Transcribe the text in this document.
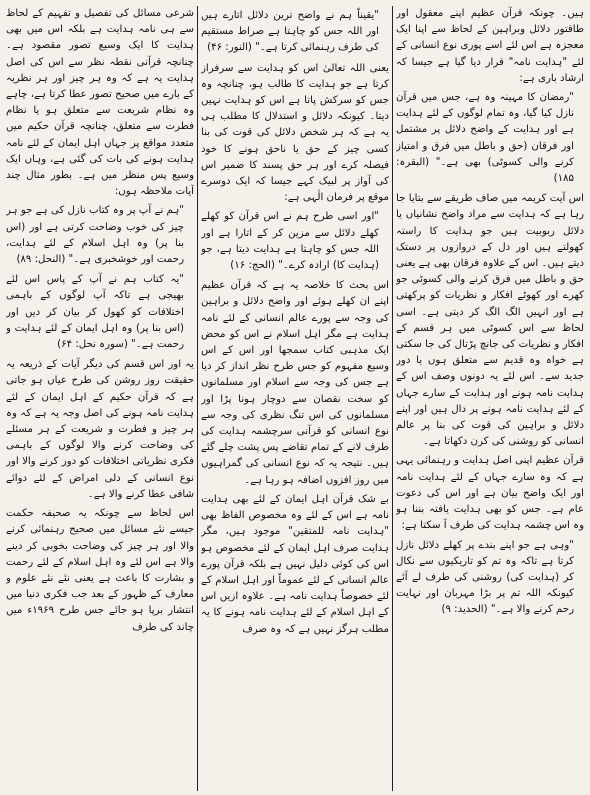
ہیں۔ چونکہ قرآن عظیم اپنے معقول اور طاقتور دلائل وبراہین کے لحاظ سے اپنا ایک معجزہ ہے اس لئے اسے پوری نوع انسانی کے لئے "ہدایت نامہ" قرار دیا گیا ہے جیسا کہ ارشاد باری ہے:

"رمضان کا مہینہ وہ ہے، جس میں قرآن نازل کیا گیا، وہ تمام لوگوں کے لئے ہدایت ہے اور ہدایت کے واضح دلائل پر مشتمل اور فرقان (حق و باطل میں فرق و امتیاز کرنے والی کسوٹی) بھی ہے۔" (البقرہ: ۱۸۵)

اس آیت کریمہ میں صاف طریقے سے بتایا جا رہا ہے کہ ہدایت سے مراد واضح نشانیاں یا دلائل ربوبیت ہیں جو ہدایت کا راستہ کھولتے ہیں اور دل کے دروازوں پر دستک دیتے ہیں۔ اس کے علاوہ فرقان بھی ہے یعنی حق و باطل میں فرق کرنے والی کسوٹی جو کھرے اور کھوٹے افکار و نظریات کو پرکھتی ہے اور انہیں الگ الگ کر دیتی ہے۔ اسی لحاظ سے اس کسوٹی میں ہر قسم کے افکار و نظریات کی جانچ پڑتال کی جا سکتی ہے خواہ وہ قدیم سے متعلق ہوں یا دور جدید سے۔ اس لئے یہ دونوں وصف اس کے ہدایت نامہ ہونے اور ہدایت کے سارے جہاں کے لئے ہدایت نامہ ہونے پر دال ہیں اور اپنے دلائل و براہین کی قوت کی بنا پر عالم انسانی کو روشنی کی کرن دکھاتا ہے۔

قرآن عظیم اپنی اصل ہدایت و رہنمائی یہی ہے کہ وہ سارے جہاں کے لئے ہدایت نامہ اور ایک واضح بیان ہے اور اس کی دعوت عام ہے۔ جس کو بھی ہدایت یافتہ بننا ہو وہ اس چشمہ ہدایت کی طرف آ سکتا ہے:

"وہی ہے جو اپنے بندے پر کھلے دلائل نازل کرتا ہے تاکہ وہ تم کو تاریکیوں سے نکال کر (ہدایت کی) روشنی کی طرف لے آئے کیونکہ اللہ تم پر بڑا مہربان اور نہایت رحم کرنے والا ہے۔" (الحدید: ۹)

"یقیناً ہم نے واضح ترین دلائل اتارے ہیں اور اللہ جس کو چاہتا ہے صراط مستقیم کی طرف رہنمائی کرتا ہے۔" (النور: ۴۶)

یعنی اللہ تعالیٰ اس کو ہدایت سے سرفراز کرتا ہے جو ہدایت کا طالب ہو، چنانچہ وہ جس کو سرکش پاتا ہے اس کو ہدایت نہیں دیتا۔ کیونکہ دلائل و استدلال کا مطلب ہی یہ ہے کہ ہر شخص دلائل کی قوت کی بنا کسی چیز کے حق یا ناحق ہونے کا خود فیصلہ کرے اور ہر حق پسند کا ضمیر اس کی آواز پر لبیک کہے جیسا کہ ایک دوسرے موقع پر فرمان الٰہی ہے:

"اور اسی طرح ہم نے اس قرآن کو کھلے کھلے دلائل سے مزین کر کے اتارا ہے اور اللہ جس کو چاہتا ہے ہدایت دیتا ہے، جو (ہدایت کا) ارادہ کرے۔" (الحج: ۱۶)

اس بحث کا خلاصہ یہ ہے کہ قرآن عظیم اپنے ان کھلے ہوئے اور واضح دلائل و براہین کی وجہ سے پورے عالم انسانی کے لئے نامہ ہدایت ہے مگر اہل اسلام نے اس کو محض ایک مذہبی کتاب سمجھا اور اس کے اس وسیع مفہوم کو جس طرح نظر انداز کر دیا ہے جس کی وجہ سے اسلام اور مسلمانوں کو سخت نقصان سے دوچار ہونا پڑا اور مسلمانوں کی اس تنگ نظری کی وجہ سے نوع انسانی کو قرآنی سرچشمہ ہدایت کی طرف لانے کے تمام تقاضے پس پشت چلے گئے ہیں۔ نتیجہ یہ کہ نوع انسانی کی گمراہیوں میں روز افزوں اضافہ ہو رہا ہے۔

بے شک قرآن اہل ایمان کے لئے بھی ہدایت نامہ ہے اس کے لئے وہ مخصوص الفاظ بھی "ہدایت نامہ للمتقین" موجود ہیں، مگر ہدایت صرف اہل ایمان کے لئے مخصوص ہو اس کی کوئی دلیل نہیں ہے بلکہ قرآن پورے عالم انسانی کے لئے عموماً اور اہل اسلام کے لئے خصوصاً ہدایت نامہ ہے۔ علاوہ ازیں اس کے اہل اسلام کے لئے ہدایت نامہ ہونے کا یہ مطلب ہرگز نہیں ہے کہ وہ صرف

شرعی مسائل کی تفصیل و تفہیم کے لحاظ سے ہی نامہ ہدایت ہے بلکہ اس میں بھی ہدایت کا ایک وسیع تصور مقصود ہے۔ چنانچہ قرآنی نقطہ نظر سے اس کی اصل ہدایت یہ ہے کہ وہ ہر چیز اور ہر نظریہ کے بارے میں صحیح تصور عطا کرتا ہے، چاہے وہ نظام شریعت سے متعلق ہو یا نظام فطرت سے متعلق، چنانچہ قرآن حکیم میں متعدد مواقع پر جہاں اہل ایمان کے لئے نامہ ہدایت ہونے کی بات کی گئی ہے، وہاں ایک وسیع پس منظر میں ہے۔ بطور مثال چند آیات ملاحظہ ہوں:

"ہم نے آپ پر وہ کتاب نازل کی ہے جو ہر چیز کی خوب وضاحت کرتی ہے اور (اس بنا پر) وہ اہل اسلام کے لئے ہدایت، رحمت اور خوشخبری ہے۔" (النحل: ۸۹)

"یہ کتاب ہم نے آپ کے پاس اس لئے بھیجی ہے تاکہ آپ لوگوں کے باہمی اختلافات کو کھول کر بیان کر دیں اور (اس بنا پر) وہ اہل ایمان کے لئے ہدایت و رحمت ہے۔" (سورہ نحل: ۶۴)

یہ اور اس قسم کی دیگر آیات کے ذریعہ یہ حقیقت روز روشن کی طرح عیاں ہو جاتی ہے کہ قرآن حکیم کے اہل ایمان کے لئے ہدایت نامہ ہونے کی اصل وجہ یہ ہے کہ وہ ہر چیز و فطرت و شریعت کے ہر مسئلے کی وضاحت کرنے والا لوگوں کے باہمی فکری نظریاتی اختلافات کو دور کرنے والا اور نوع انسانی کے دلی امراض کے لئے دوائے شافی عطا کرنے والا ہے۔

اس لحاظ سے چونکہ یہ صحیفہ حکمت جیسے نئے مسائل میں صحیح رہنمائی کرنے والا اور ہر چیز کی وضاحت بخوبی کر دینے والا ہے اس لئے وہ اہل اسلام کے لئے رحمت و بشارت کا باعث ہے یعنی نئے نئے علوم و معارف کے ظہور کے بعد جب فکری دنیا میں انتشار برپا ہو جائے جس طرح ۱۹۶۹ء میں چاند کی طرف
